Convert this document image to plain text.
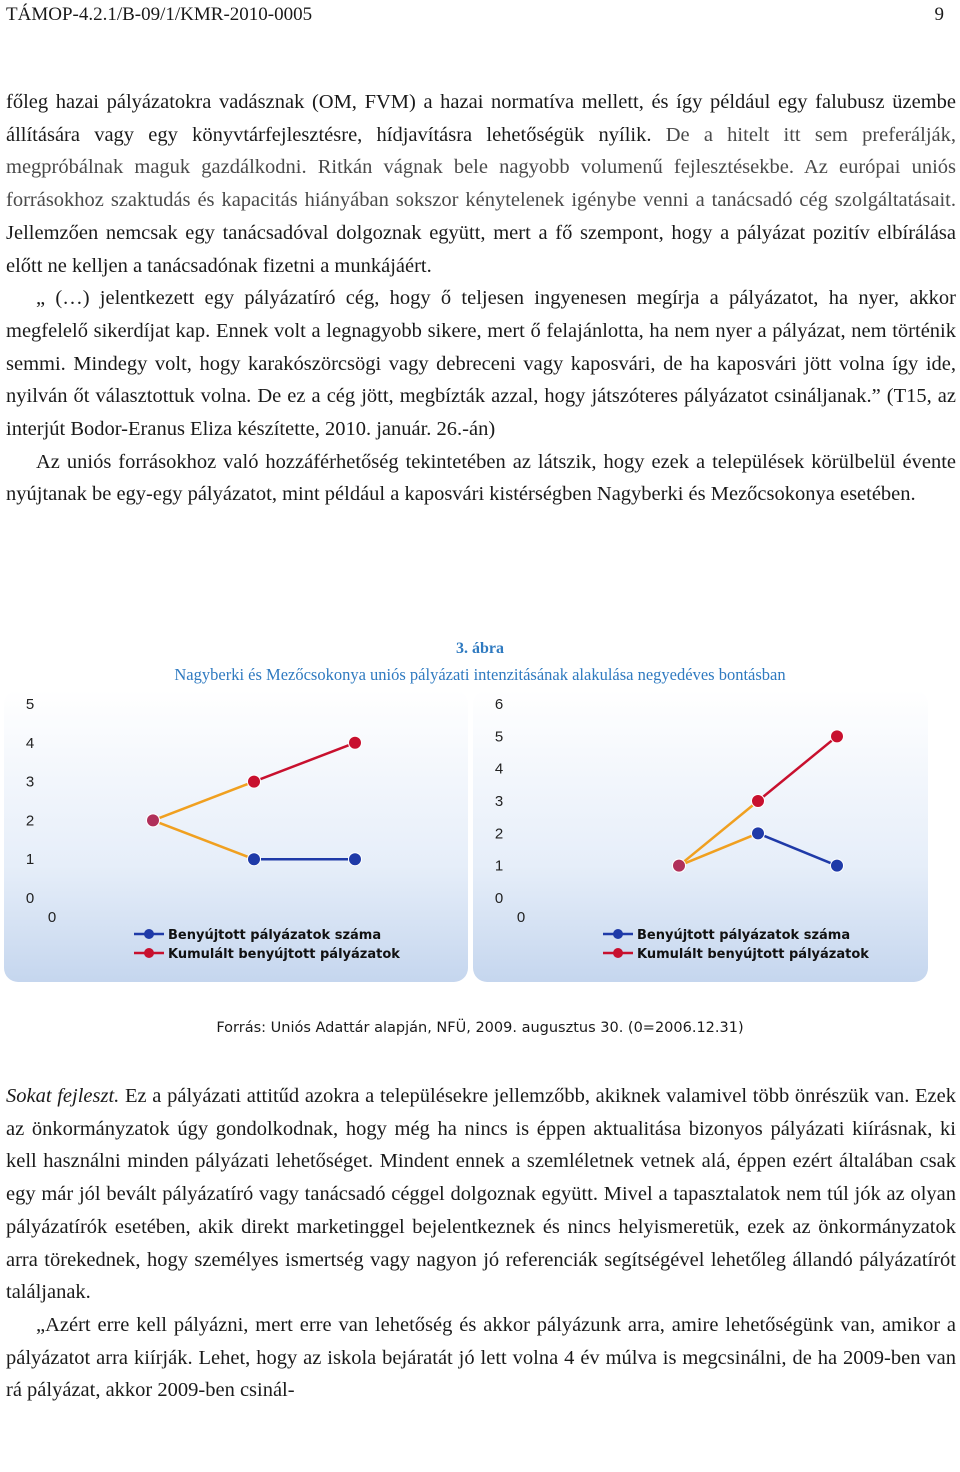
TÁMOP-4.2.1/B-09/1/KMR-2010-0005	9

főleg hazai pályázatokra vadásznak (OM, FVM) a hazai normatíva mellett, és így például egy falubusz üzembe állítására vagy egy könyvtárfejlesztésre, hídjavításra lehetőségük nyílik. De a hitelt itt sem preferálják, megpróbálnak maguk gazdálkodni. Ritkán vágnak bele nagyobb volumenű fejlesztésekbe. Az európai uniós forrásokhoz szaktudás és kapacitás hiányában sokszor kénytelenek igénybe venni a tanácsadó cég szolgáltatásait. Jellemzően nemcsak egy tanácsadóval dolgoznak együtt, mert a fő szempont, hogy a pályázat pozitív elbírálása előtt ne kelljen a tanácsadónak fizetni a munkájáért.

„ (…) jelentkezett egy pályázatíró cég, hogy ő teljesen ingyenesen megírja a pályázatot, ha nyer, akkor megfelelő sikerdíjat kap. Ennek volt a legnagyobb sikere, mert ő felajánlotta, ha nem nyer a pályázat, nem történik semmi. Mindegy volt, hogy karakószörcsögi vagy debreceni vagy kaposvári, de ha kaposvári jött volna így ide, nyilván őt választottuk volna. De ez a cég jött, megbízták azzal, hogy játszóteres pályázatot csináljanak.” (T15, az interjút Bodor-Eranus Eliza készítette, 2010. január. 26.-án)

Az uniós forrásokhoz való hozzáférhetőség tekintetében az látszik, hogy ezek a települések körülbelül évente nyújtanak be egy-egy pályázatot, mint például a kaposvári kistérségben Nagyberki és Mezőcsokonya esetében.

3. ábra
Nagyberki és Mezőcsokonya uniós pályázati intenzitásának alakulása negyedéves bontásban
0
1
2
3
4
5
0
Benyújtott pályázatok száma
Kumulált benyújtott pályázatok
0
1
2
3
4
5
6
0
Benyújtott pályázatok száma
Kumulált benyújtott pályázatok
Forrás: Uniós Adattár alapján, NFÜ, 2009. augusztus 30. (0=2006.12.31)

Sokat fejleszt. Ez a pályázati attitűd azokra a településekre jellemzőbb, akiknek valamivel több önrészük van. Ezek az önkormányzatok úgy gondolkodnak, hogy még ha nincs is éppen aktualitása bizonyos pályázati kiírásnak, ki kell használni minden pályázati lehetőséget. Mindent ennek a szemléletnek vetnek alá, éppen ezért általában csak egy már jól bevált pályázatíró vagy tanácsadó céggel dolgoznak együtt. Mivel a tapasztalatok nem túl jók az olyan pályázatírók esetében, akik direkt marketinggel bejelentkeznek és nincs helyismeretük, ezek az önkormányzatok arra törekednek, hogy személyes ismertség vagy nagyon jó referenciák segítségével lehetőleg állandó pályázatírót találjanak.

„Azért erre kell pályázni, mert erre van lehetőség és akkor pályázunk arra, amire lehetőségünk van, amikor a pályázatot arra kiírják. Lehet, hogy az iskola bejáratát jó lett volna 4 év múlva is megcsinálni, de ha 2009-ben van rá pályázat, akkor 2009-ben csinál-
